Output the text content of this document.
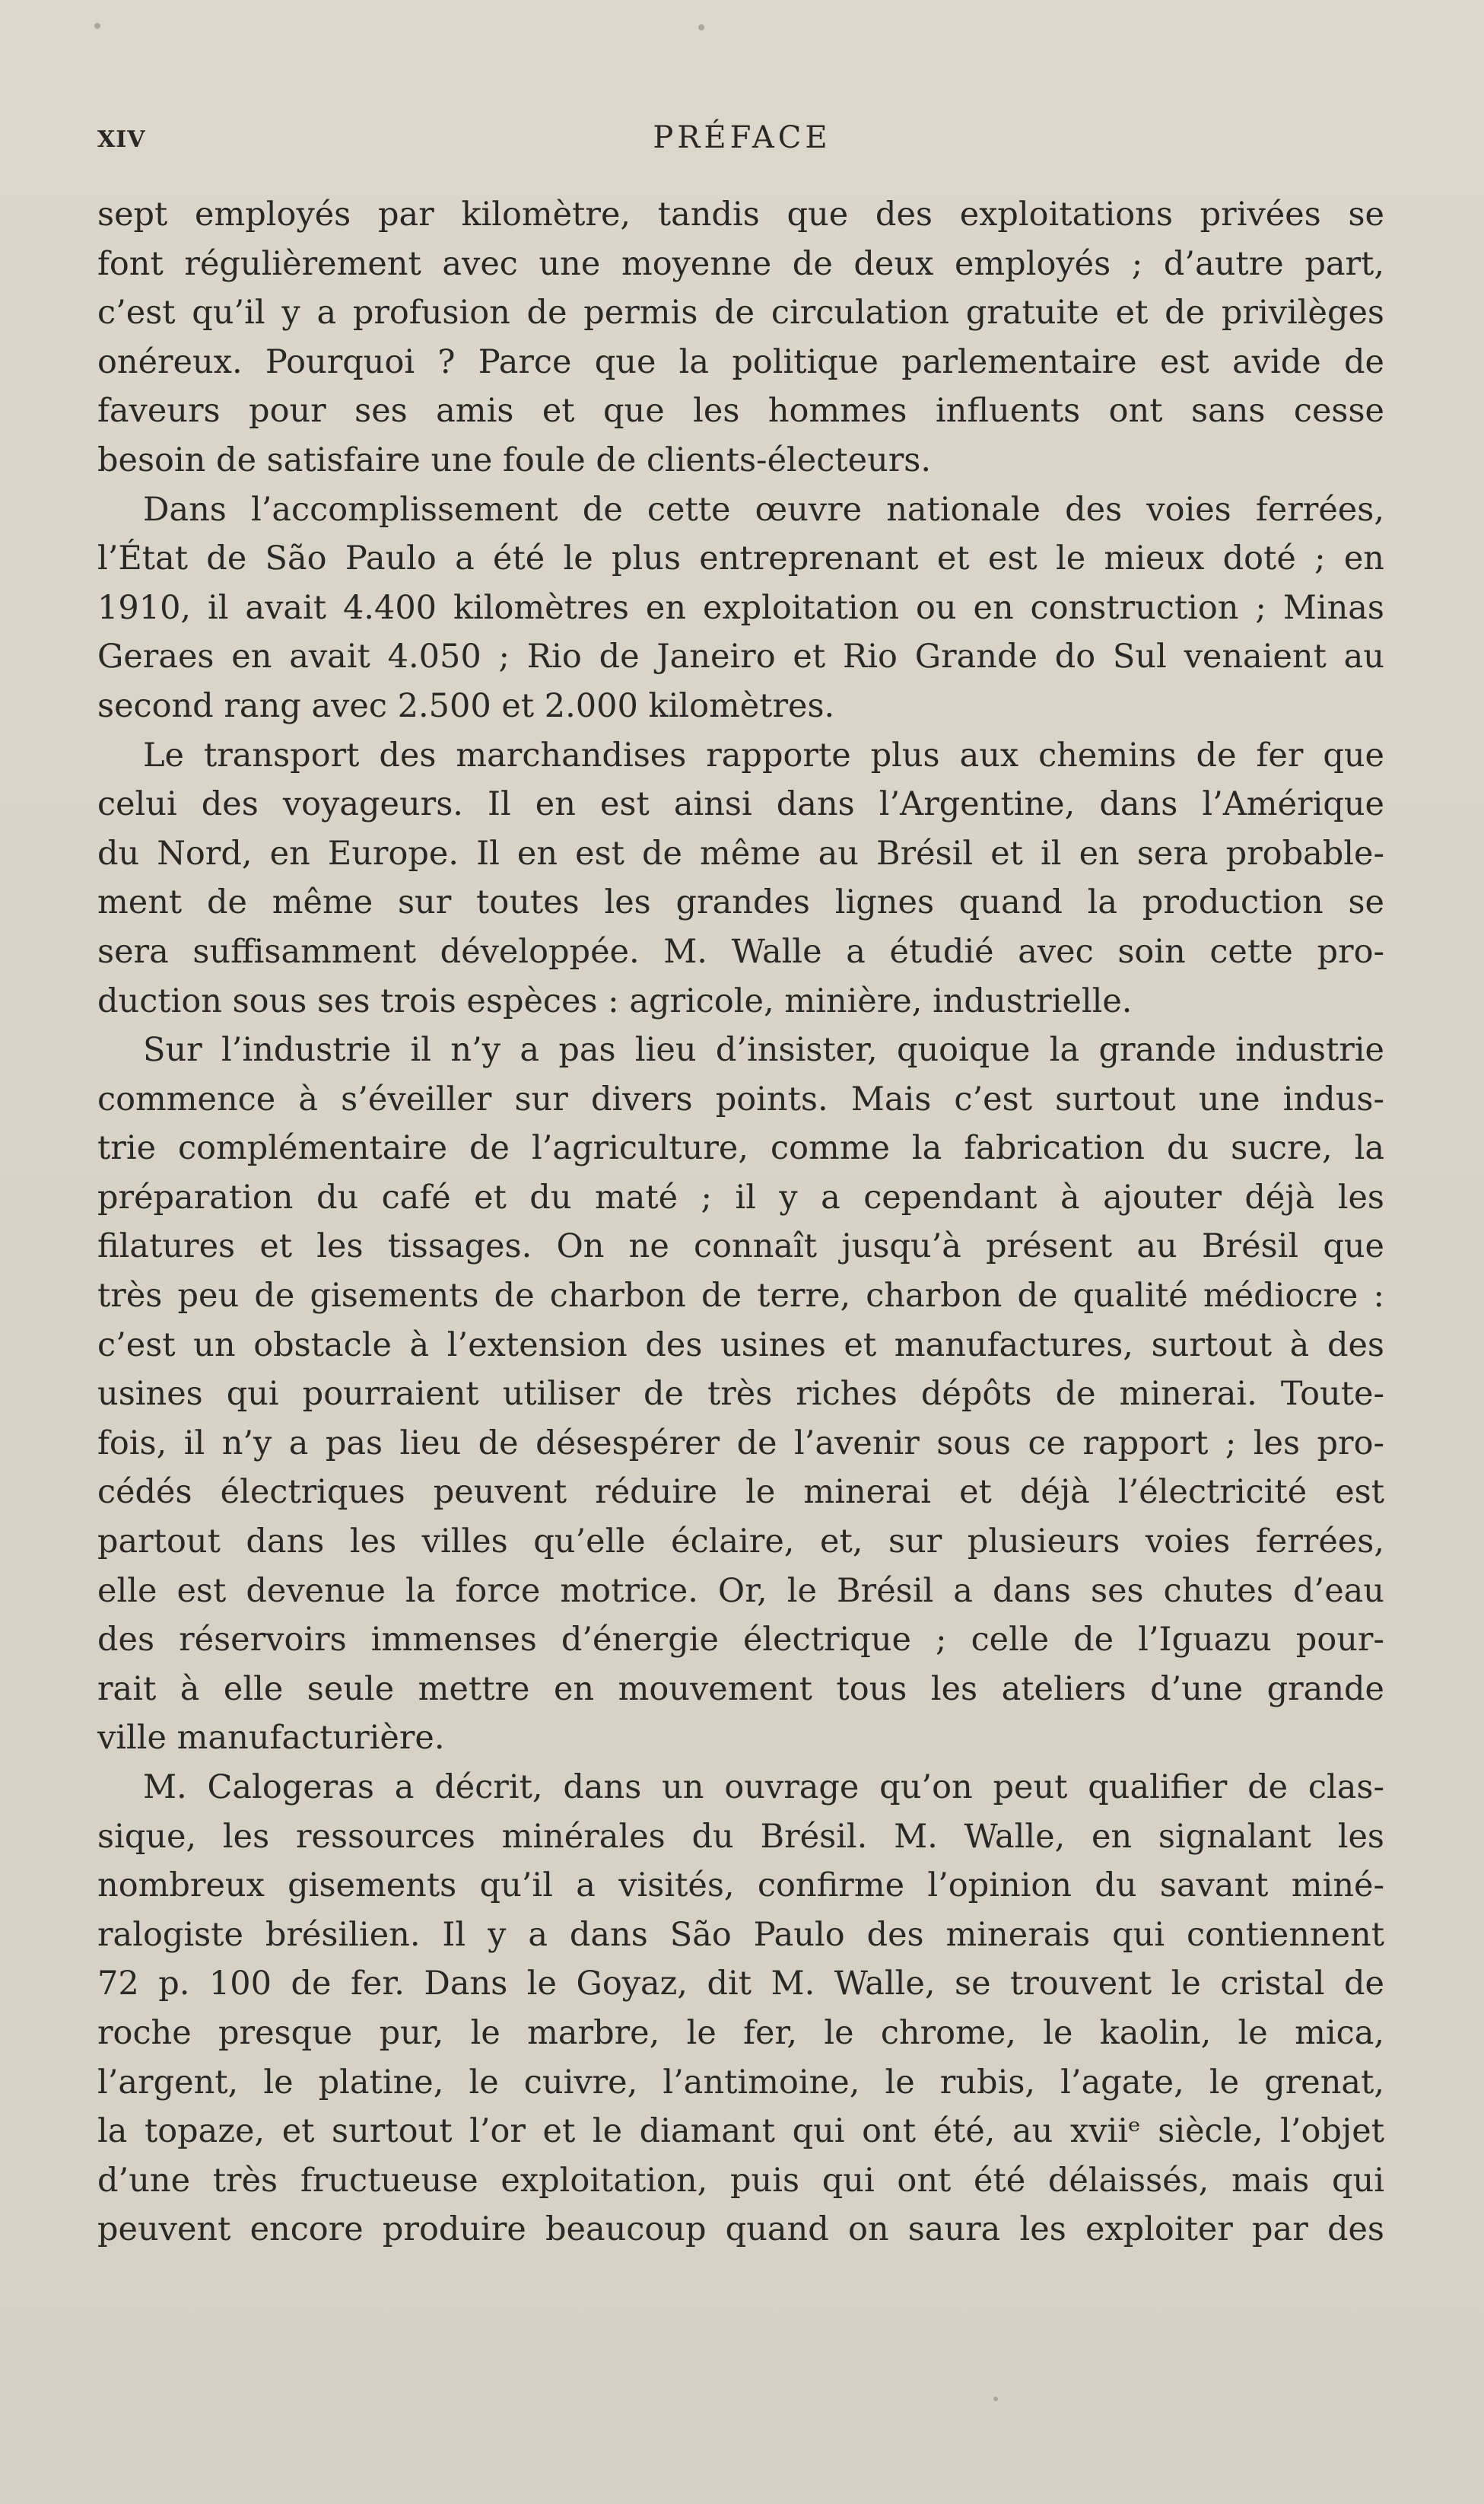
XIV	PRÉFACE
sept employés par kilomètre, tandis que des exploitations privées se
font régulièrement avec une moyenne de deux employés ; d’autre part,
c’est qu’il y a profusion de permis de circulation gratuite et de privilèges
onéreux. Pourquoi ? Parce que la politique parlementaire est avide de
faveurs pour ses amis et que les hommes influents ont sans cesse
besoin de satisfaire une foule de clients-électeurs.
Dans l’accomplissement de cette œuvre nationale des voies ferrées,
l’État de São Paulo a été le plus entreprenant et est le mieux doté ; en
1910, il avait 4.400 kilomètres en exploitation ou en construction ; Minas
Geraes en avait 4.050 ; Rio de Janeiro et Rio Grande do Sul venaient au
second rang avec 2.500 et 2.000 kilomètres.
Le transport des marchandises rapporte plus aux chemins de fer que
celui des voyageurs. Il en est ainsi dans l’Argentine, dans l’Amérique
du Nord, en Europe. Il en est de même au Brésil et il en sera probable-
ment de même sur toutes les grandes lignes quand la production se
sera suffisamment développée. M. Walle a étudié avec soin cette pro-
duction sous ses trois espèces : agricole, minière, industrielle.
Sur l’industrie il n’y a pas lieu d’insister, quoique la grande industrie
commence à s’éveiller sur divers points. Mais c’est surtout une indus-
trie complémentaire de l’agriculture, comme la fabrication du sucre, la
préparation du café et du maté ; il y a cependant à ajouter déjà les
filatures et les tissages. On ne connaît jusqu’à présent au Brésil que
très peu de gisements de charbon de terre, charbon de qualité médiocre :
c’est un obstacle à l’extension des usines et manufactures, surtout à des
usines qui pourraient utiliser de très riches dépôts de minerai. Toute-
fois, il n’y a pas lieu de désespérer de l’avenir sous ce rapport ; les pro-
cédés électriques peuvent réduire le minerai et déjà l’électricité est
partout dans les villes qu’elle éclaire, et, sur plusieurs voies ferrées,
elle est devenue la force motrice. Or, le Brésil a dans ses chutes d’eau
des réservoirs immenses d’énergie électrique ; celle de l’Iguazu pour-
rait à elle seule mettre en mouvement tous les ateliers d’une grande
ville manufacturière.
M. Calogeras a décrit, dans un ouvrage qu’on peut qualifier de clas-
sique, les ressources minérales du Brésil. M. Walle, en signalant les
nombreux gisements qu’il a visités, confirme l’opinion du savant miné-
ralogiste brésilien. Il y a dans São Paulo des minerais qui contiennent
72 p. 100 de fer. Dans le Goyaz, dit M. Walle, se trouvent le cristal de
roche presque pur, le marbre, le fer, le chrome, le kaolin, le mica,
l’argent, le platine, le cuivre, l’antimoine, le rubis, l’agate, le grenat,
la topaze, et surtout l’or et le diamant qui ont été, au xviiᵉ siècle, l’objet
d’une très fructueuse exploitation, puis qui ont été délaissés, mais qui
peuvent encore produire beaucoup quand on saura les exploiter par des
